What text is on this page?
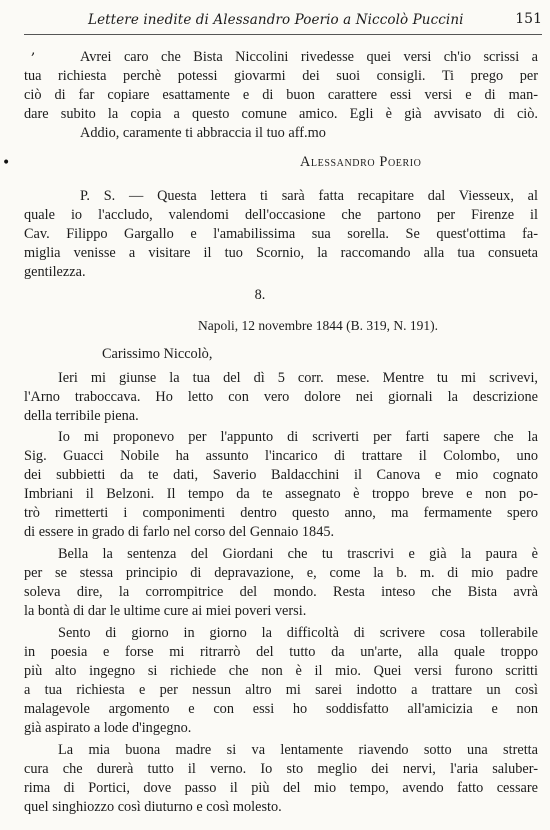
Lettere inedite di Alessandro Poerio a Niccolò Puccini	151
,
•
Avrei caro che Bista Niccolini rivedesse quei versi ch'io scrissi a
tua richiesta perchè potessi giovarmi dei suoi consigli. Ti prego per
ciò di far copiare esattamente e di buon carattere essi versi e di man-
dare subito la copia a questo comune amico. Egli è già avvisato di ciò.
Addio, caramente ti abbraccia il tuo aff.mo
Alessandro Poerio
P. S. — Questa lettera ti sarà fatta recapitare dal Viesseux, al
quale io l'accludo, valendomi dell'occasione che partono per Firenze il
Cav. Filippo Gargallo e l'amabilissima sua sorella. Se quest'ottima fa-
miglia venisse a visitare il tuo Scornio, la raccomando alla tua consueta
gentilezza.
8.
Napoli, 12 novembre 1844 (B. 319, N. 191).
Carissimo Niccolò,
Ieri mi giunse la tua del dì 5 corr. mese. Mentre tu mi scrivevi,
l'Arno traboccava. Ho letto con vero dolore nei giornali la descrizione
della terribile piena.
Io mi proponevo per l'appunto di scriverti per farti sapere che la
Sig. Guacci Nobile ha assunto l'incarico di trattare il Colombo, uno
dei subbietti da te dati, Saverio Baldacchini il Canova e mio cognato
Imbriani il Belzoni. Il tempo da te assegnato è troppo breve e non po-
trò rimetterti i componimenti dentro questo anno, ma fermamente spero
di essere in grado di farlo nel corso del Gennaio 1845.
Bella la sentenza del Giordani che tu trascrivi e già la paura è
per se stessa principio di depravazione, e, come la b. m. di mio padre
soleva dire, la corrompitrice del mondo. Resta inteso che Bista avrà
la bontà di dar le ultime cure ai miei poveri versi.
Sento di giorno in giorno la difficoltà di scrivere cosa tollerabile
in poesia e forse mi ritrarrò del tutto da un'arte, alla quale troppo
più alto ingegno si richiede che non è il mio. Quei versi furono scritti
a tua richiesta e per nessun altro mi sarei indotto a trattare un così
malagevole argomento e con essi ho soddisfatto all'amicizia e non
già aspirato a lode d'ingegno.
La mia buona madre si va lentamente riavendo sotto una stretta
cura che durerà tutto il verno. Io sto meglio dei nervi, l'aria saluber-
rima di Portici, dove passo il più del mio tempo, avendo fatto cessare
quel singhiozzo così diuturno e così molesto.
